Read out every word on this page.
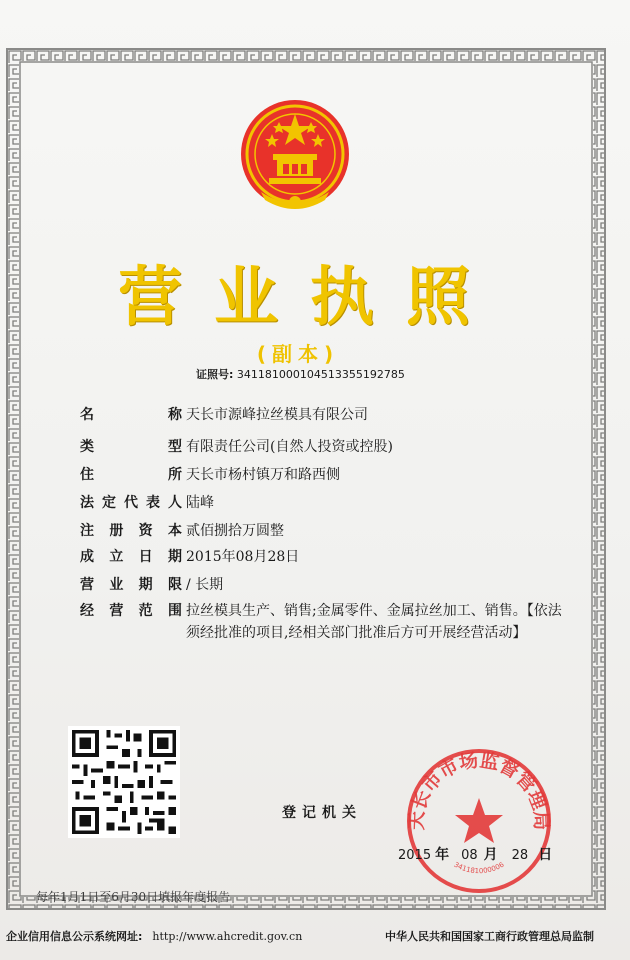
营业执照
(副本)
证照号: 341181000104513355192785
名称 天长市源峰拉丝模具有限公司
类型 有限责任公司(自然人投资或控股)
住所 天长市杨村镇万和路西侧
法定代表人 陆峰
注册资本 贰佰捌拾万圆整
成立日期 2015年08月28日
营业期限 / 长期
经营范围 拉丝模具生产、销售;金属零件、金属拉丝加工、销售。【依法须经批准的项目,经相关部门批准后方可开展经营活动】
登记机关 天长市市场监督管理局
341181000006
2015 年 08 月 28 日
每年1月1日至6月30日填报年度报告
企业信用信息公示系统网址: http://www.ahcredit.gov.cn	中华人民共和国国家工商行政管理总局监制
